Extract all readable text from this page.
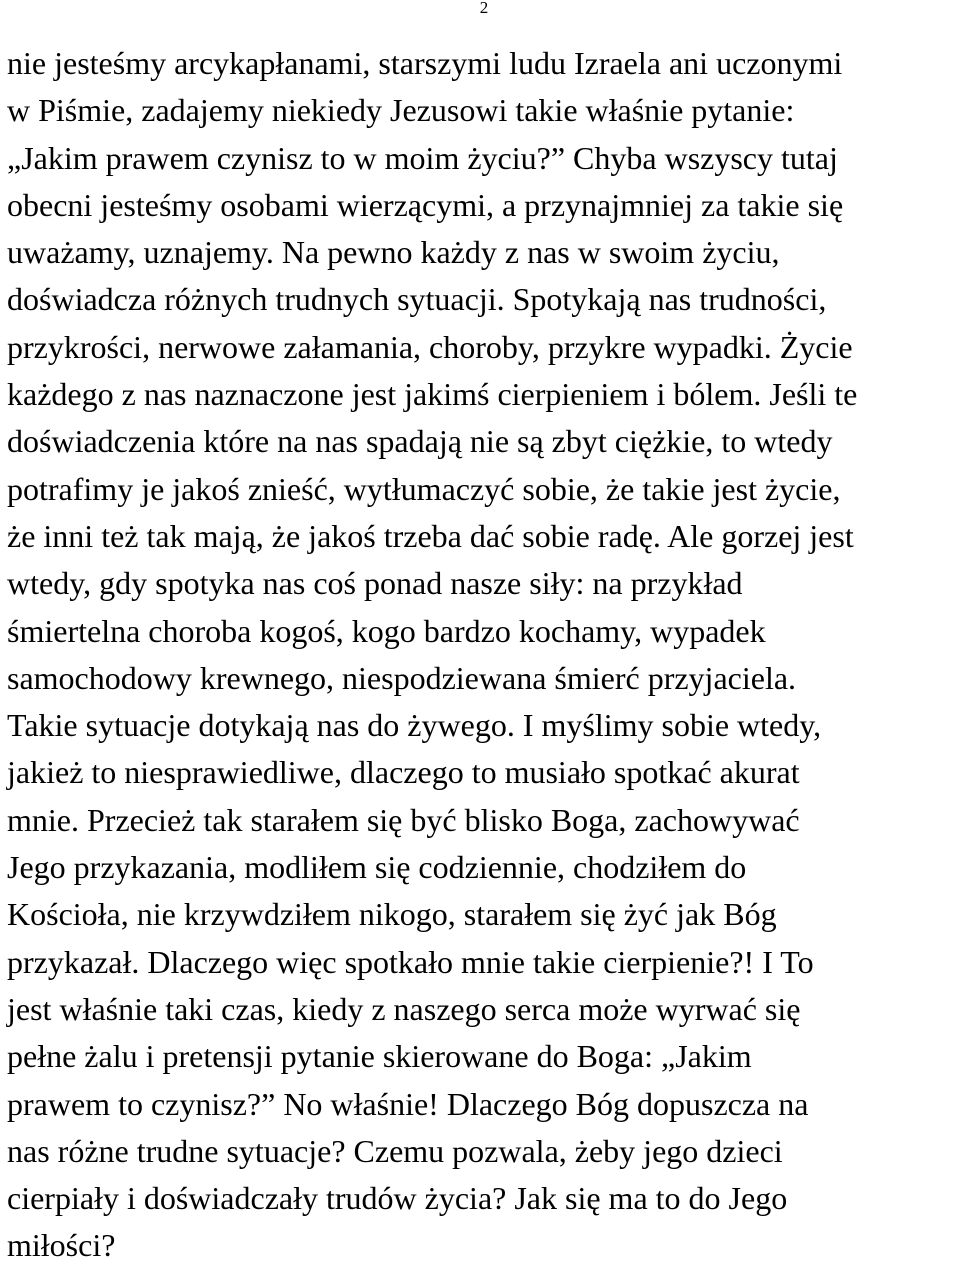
2
nie jesteśmy arcykapłanami, starszymi ludu Izraela ani uczonymi
w Piśmie, zadajemy niekiedy Jezusowi takie właśnie pytanie:
„Jakim prawem czynisz to w moim życiu?” Chyba wszyscy tutaj
obecni jesteśmy osobami wierzącymi, a przynajmniej za takie się
uważamy, uznajemy. Na pewno każdy z nas w swoim życiu,
doświadcza różnych trudnych sytuacji. Spotykają nas trudności,
przykrości, nerwowe załamania, choroby, przykre wypadki. Życie
każdego z nas naznaczone jest jakimś cierpieniem i bólem. Jeśli te
doświadczenia które na nas spadają nie są zbyt ciężkie, to wtedy
potrafimy je jakoś znieść, wytłumaczyć sobie, że takie jest życie,
że inni też tak mają, że jakoś trzeba dać sobie radę. Ale gorzej jest
wtedy, gdy spotyka nas coś ponad nasze siły: na przykład
śmiertelna choroba kogoś, kogo bardzo kochamy, wypadek
samochodowy krewnego, niespodziewana śmierć przyjaciela.
Takie sytuacje dotykają nas do żywego. I myślimy sobie wtedy,
jakież to niesprawiedliwe, dlaczego to musiało spotkać akurat
mnie. Przecież tak starałem się być blisko Boga, zachowywać
Jego przykazania, modliłem się codziennie, chodziłem do
Kościoła, nie krzywdziłem nikogo, starałem się żyć jak Bóg
przykazał. Dlaczego więc spotkało mnie takie cierpienie?! I To
jest właśnie taki czas, kiedy z naszego serca może wyrwać się
pełne żalu i pretensji pytanie skierowane do Boga: „Jakim
prawem to czynisz?” No właśnie! Dlaczego Bóg dopuszcza na
nas różne trudne sytuacje? Czemu pozwala, żeby jego dzieci
cierpiały i doświadczały trudów życia? Jak się ma to do Jego
miłości?
